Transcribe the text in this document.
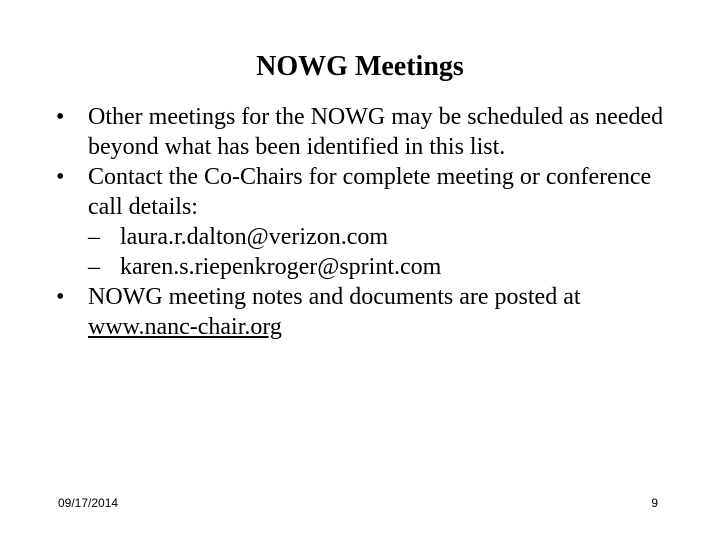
NOWG Meetings
• Other meetings for the NOWG may be scheduled as needed beyond what has been identified in this list.
• Contact the Co-Chairs for complete meeting or conference call details:
– laura.r.dalton@verizon.com
– karen.s.riepenkroger@sprint.com
• NOWG meeting notes and documents are posted at www.nanc-chair.org
09/17/2014	9
